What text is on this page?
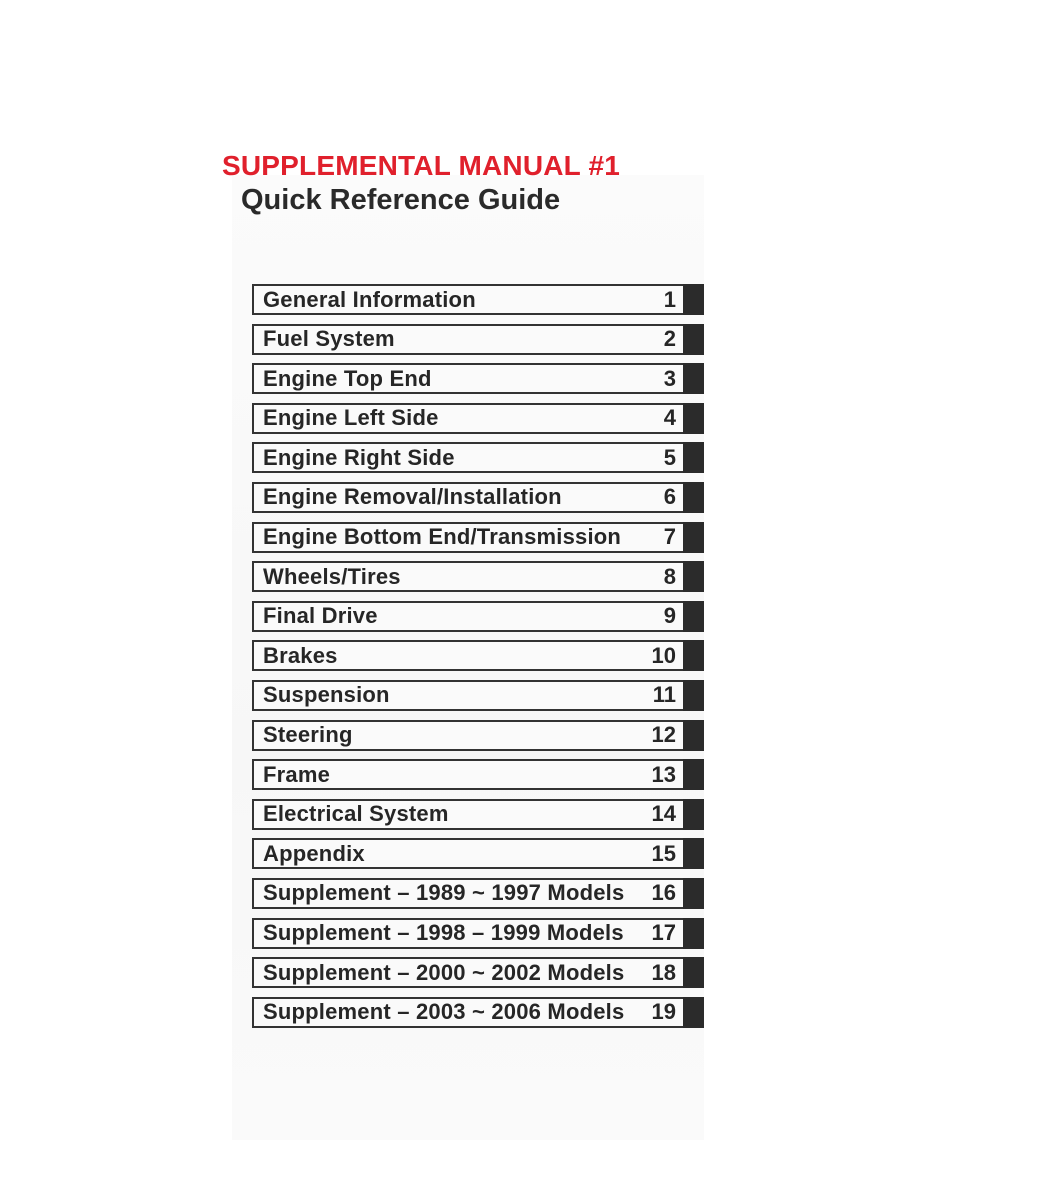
SUPPLEMENTAL MANUAL #1
Quick Reference Guide
General Information	1
Fuel System	2
Engine Top End	3
Engine Left Side	4
Engine Right Side	5
Engine Removal/Installation	6
Engine Bottom End/Transmission 7
Wheels/Tires	8
Final Drive	9
Brakes	10
Suspension	11
Steering	12
Frame	13
Electrical System	14
Appendix	15
Supplement – 1989 ~ 1997 Models 16
Supplement – 1998 – 1999 Models 17
Supplement – 2000 ~ 2002 Models 18
Supplement – 2003 ~ 2006 Models 19
